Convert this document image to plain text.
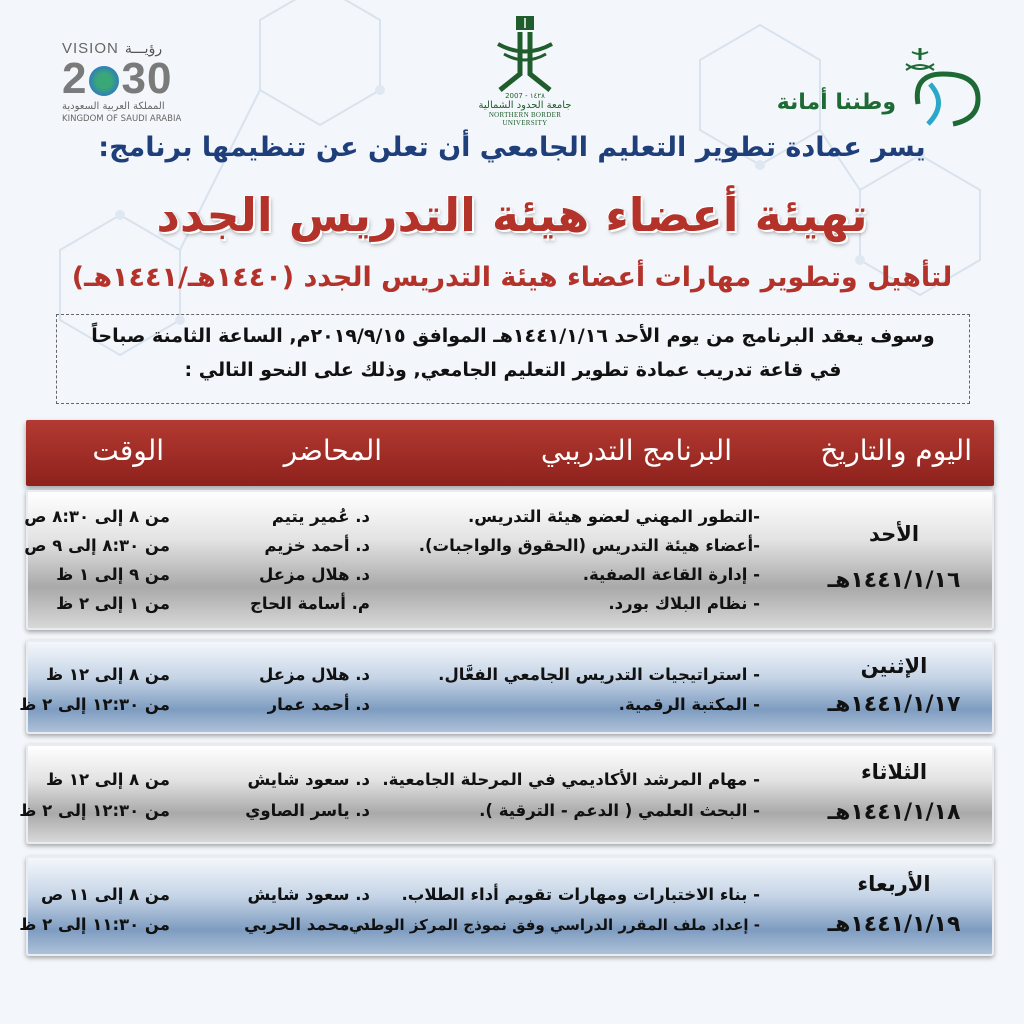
VISION رؤيـــة
2 30
المملكة العربية السعودية
KINGDOM OF SAUDI ARABIA
١٤٢٨ - 2007
جامعة الحدود الشمالية
NORTHERN BORDER UNIVERSITY
وطننا أمانة
يسر عمادة تطوير التعليم الجامعي أن تعلن عن تنظيمها برنامج:
تهيئة أعضاء هيئة التدريس الجدد
لتأهيل وتطوير مهارات أعضاء هيئة التدريس الجدد (١٤٤٠هـ/١٤٤١هـ)
وسوف يعقد البرنامج من يوم الأحد ١٤٤١/١/١٦هـ الموافق ٢٠١٩/٩/١٥م, الساعة الثامنة صباحاً
في قاعة تدريب عمادة تطوير التعليم الجامعي, وذلك على النحو التالي :
اليوم والتاريخ
البرنامج التدريبي
المحاضر
الوقت
الأحد
١٤٤١/١/١٦هـ
-التطور المهني لعضو هيئة التدريس.
-أعضاء هيئة التدريس (الحقوق والواجبات).
- إدارة القاعة الصفية.
- نظام البلاك بورد.
د. عُمير يتيم
د. أحمد خزيم
د. هلال مزعل
م. أسامة الحاج
من ٨ إلى ٨:٣٠ ص
من ٨:٣٠ إلى ٩ ص
من ٩ إلى ١ ظ
من ١ إلى ٢ ظ
الإثنين
١٤٤١/١/١٧هـ
- استراتيجيات التدريس الجامعي الفعَّال.
- المكتبة الرقمية.
د. هلال مزعل
د. أحمد عمار
من ٨ إلى ١٢ ظ
من ١٢:٣٠ إلى ٢ ظ
الثلاثاء
١٤٤١/١/١٨هـ
- مهام المرشد الأكاديمي في المرحلة الجامعية.
- البحث العلمي ( الدعم - الترقية ).
د. سعود شايش
د. ياسر الصاوي
من ٨ إلى ١٢ ظ
من ١٢:٣٠ إلى ٢ ظ
الأربعاء
١٤٤١/١/١٩هـ
- بناء الاختبارات ومهارات تقويم أداء الطلاب.
- إعداد ملف المقرر الدراسي وفق نموذج المركز الوطني.
د. سعود شايش
د. محمد الحربي
من ٨ إلى ١١ ص
من ١١:٣٠ إلى ٢ ظ
